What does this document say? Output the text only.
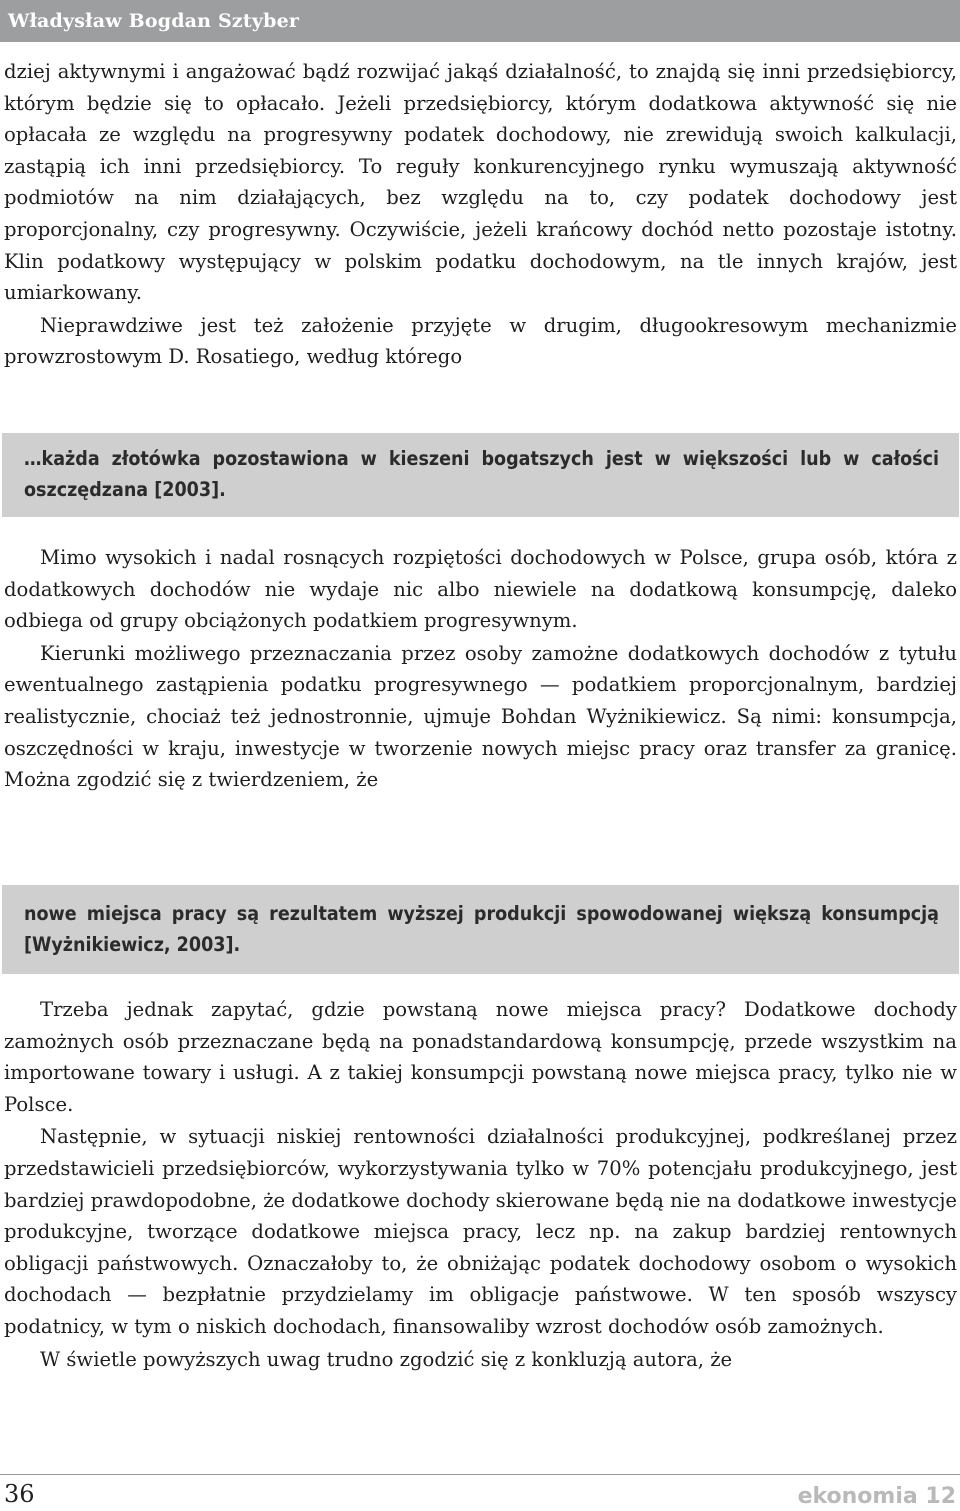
Władysław Bogdan Sztyber

dziej aktywnymi i angażować bądź rozwijać jakąś działalność, to znajdą się inni przedsiębiorcy, którym będzie się to opłacało. Jeżeli przedsiębiorcy, którym dodatkowa aktywność się nie opłacała ze względu na progresywny podatek dochodowy, nie zrewidują swoich kalkulacji, zastąpią ich inni przedsiębiorcy. To reguły konkurencyjnego rynku wymuszają aktywność podmiotów na nim działających, bez względu na to, czy podatek dochodowy jest proporcjonalny, czy progresywny. Oczywiście, jeżeli krańcowy dochód netto pozostaje istotny. Klin podatkowy występujący w polskim podatku dochodowym, na tle innych krajów, jest umiarkowany.

Nieprawdziwe jest też założenie przyjęte w drugim, długookresowym mechanizmie prowzrostowym D. Rosatiego, według którego

…każda złotówka pozostawiona w kieszeni bogatszych jest w większości lub w całości oszczędzana [2003].

Mimo wysokich i nadal rosnących rozpiętości dochodowych w Polsce, grupa osób, która z dodatkowych dochodów nie wydaje nic albo niewiele na dodatkową konsumpcję, daleko odbiega od grupy obciążonych podatkiem progresywnym.

Kierunki możliwego przeznaczania przez osoby zamożne dodatkowych dochodów z tytułu ewentualnego zastąpienia podatku progresywnego — podatkiem proporcjonalnym, bardziej realistycznie, chociaż też jednostronnie, ujmuje Bohdan Wyżnikiewicz. Są nimi: konsumpcja, oszczędności w kraju, inwestycje w tworzenie nowych miejsc pracy oraz transfer za granicę. Można zgodzić się z twierdzeniem, że

nowe miejsca pracy są rezultatem wyższej produkcji spowodowanej większą konsumpcją [Wyżnikiewicz, 2003].

Trzeba jednak zapytać, gdzie powstaną nowe miejsca pracy? Dodatkowe dochody zamożnych osób przeznaczane będą na ponadstandardową konsumpcję, przede wszystkim na importowane towary i usługi. A z takiej konsumpcji powstaną nowe miejsca pracy, tylko nie w Polsce.

Następnie, w sytuacji niskiej rentowności działalności produkcyjnej, podkreślanej przez przedstawicieli przedsiębiorców, wykorzystywania tylko w 70% potencjału produkcyjnego, jest bardziej prawdopodobne, że dodatkowe dochody skierowane będą nie na dodatkowe inwestycje produkcyjne, tworzące dodatkowe miejsca pracy, lecz np. na zakup bardziej rentownych obligacji państwowych. Oznaczałoby to, że obniżając podatek dochodowy osobom o wysokich dochodach — bezpłatnie przydzielamy im obligacje państwowe. W ten sposób wszyscy podatnicy, w tym o niskich dochodach, finansowaliby wzrost dochodów osób zamożnych.

W świetle powyższych uwag trudno zgodzić się z konkluzją autora, że

36	ekonomia 12
